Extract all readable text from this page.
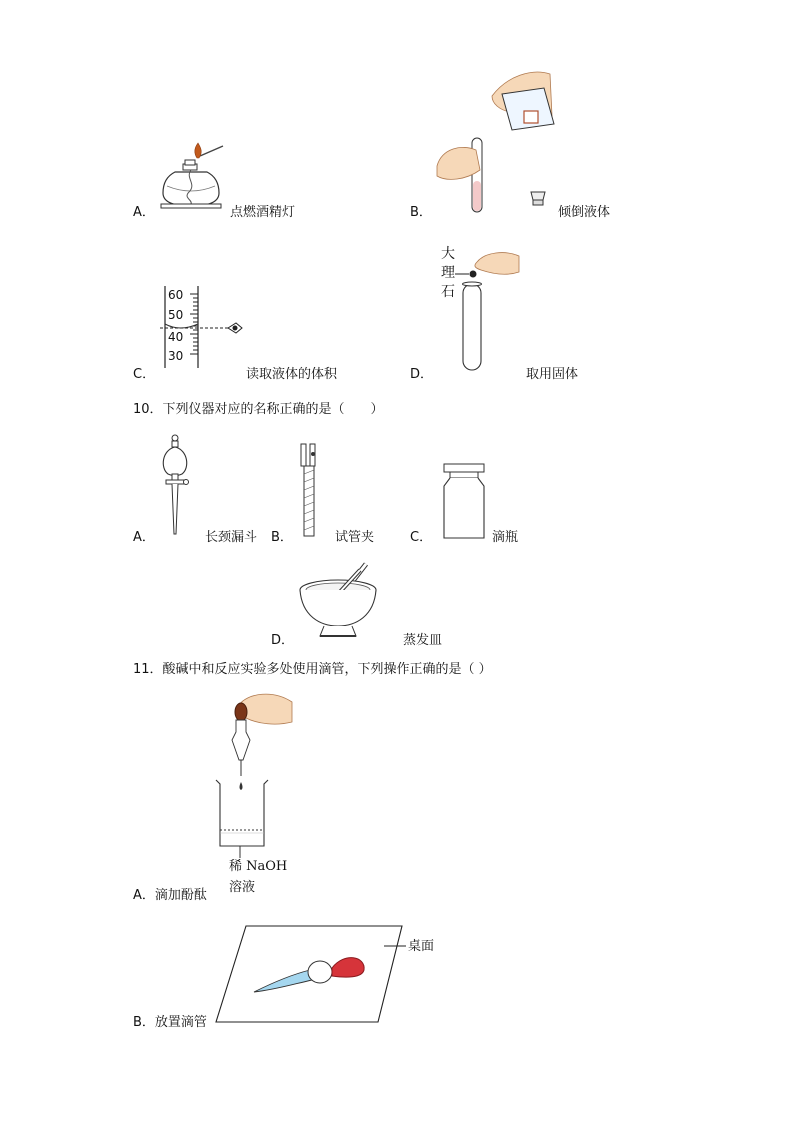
A．	点燃酒精灯	B．	倾倒液体
60
50
40
30
C．	读取液体的体积
大
理
石
D．	取用固体
10．下列仪器对应的名称正确的是（　　）
A．	长颈漏斗 B．	试管夹	C．	滴瓶
D．	蒸发皿
11．酸碱中和反应实验多处使用滴管，下列操作正确的是（ ）
稀 NaOH
溶液
A．滴加酚酞
桌面
B．放置滴管
